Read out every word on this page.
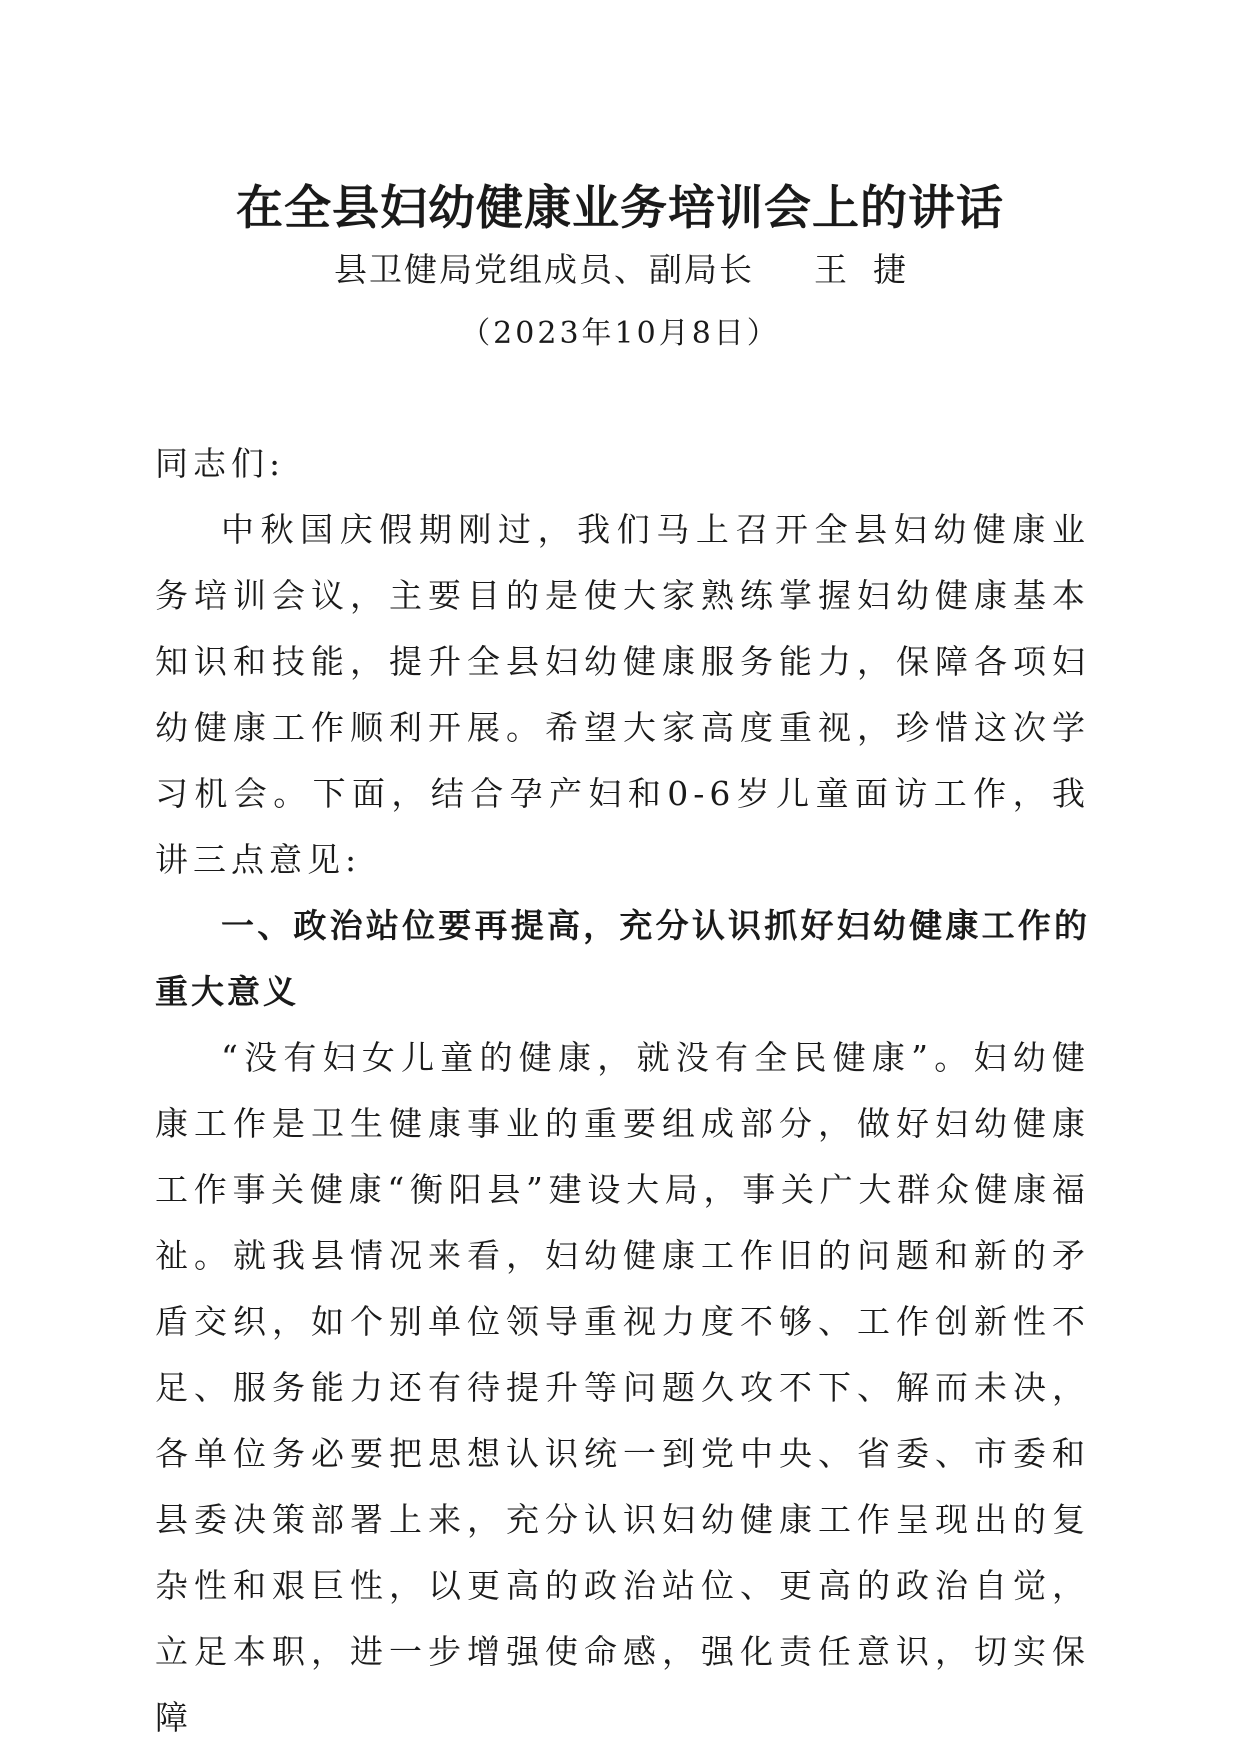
在全县妇幼健康业务培训会上的讲话
县卫健局党组成员、副局长 王捷
（2023年10月8日）

同志们:

中秋国庆假期刚过，我们马上召开全县妇幼健康业务培训会议，主要目的是使大家熟练掌握妇幼健康基本知识和技能，提升全县妇幼健康服务能力，保障各项妇幼健康工作顺利开展。希望大家高度重视，珍惜这次学习机会。下面，结合孕产妇和0-6岁儿童面访工作，我讲三点意见:

一、政治站位要再提高，充分认识抓好妇幼健康工作的重大意义

“没有妇女儿童的健康，就没有全民健康”。妇幼健康工作是卫生健康事业的重要组成部分，做好妇幼健康工作事关健康“衡阳县”建设大局，事关广大群众健康福祉。就我县情况来看，妇幼健康工作旧的问题和新的矛盾交织，如个别单位领导重视力度不够、工作创新性不足、服务能力还有待提升等问题久攻不下、解而未决，各单位务必要把思想认识统一到党中央、省委、市委和县委决策部署上来，充分认识妇幼健康工作呈现出的复杂性和艰巨性，以更高的政治站位、更高的政治自觉，立足本职，进一步增强使命感，强化责任意识，切实保障
